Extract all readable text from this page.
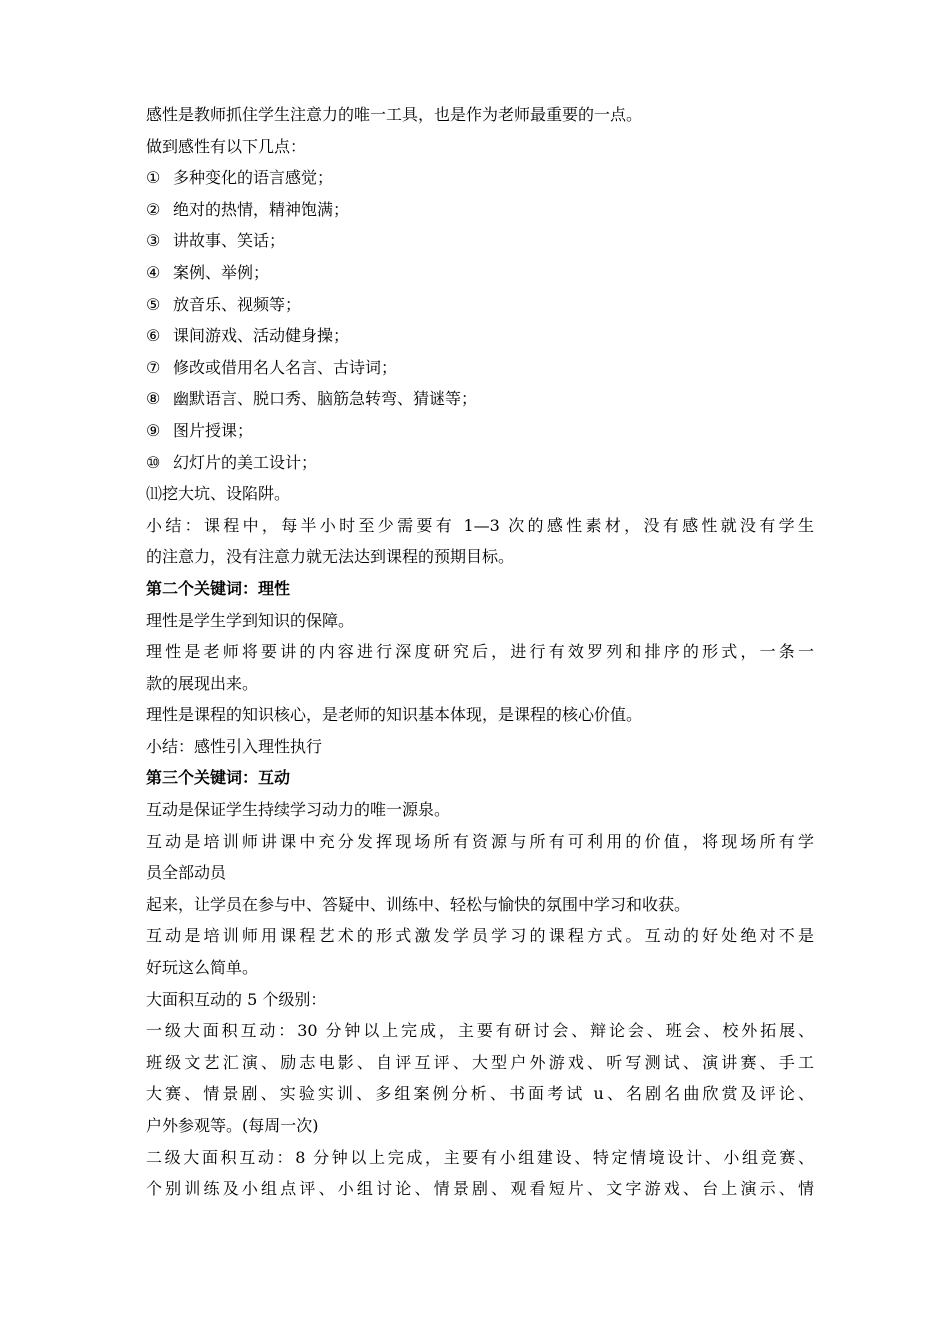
感性是教师抓住学生注意力的唯一工具，也是作为老师最重要的一点。

做到感性有以下几点：

① 多种变化的语言感觉；

② 绝对的热情，精神饱满；

③ 讲故事、笑话；

④ 案例、举例；

⑤ 放音乐、视频等；

⑥ 课间游戏、活动健身操；

⑦ 修改或借用名人名言、古诗词；

⑧ 幽默语言、脱口秀、脑筋急转弯、猜谜等；

⑨ 图片授课；

⑩ 幻灯片的美工设计；

⑾挖大坑、设陷阱。

小结：课程中，每半小时至少需要有 1—3 次的感性素材，没有感性就没有学生

的注意力，没有注意力就无法达到课程的预期目标。

第二个关键词：理性

理性是学生学到知识的保障。

理性是老师将要讲的内容进行深度研究后，进行有效罗列和排序的形式，一条一

款的展现出来。

理性是课程的知识核心，是老师的知识基本体现，是课程的核心价值。

小结：感性引入理性执行

第三个关键词：互动

互动是保证学生持续学习动力的唯一源泉。

互动是培训师讲课中充分发挥现场所有资源与所有可利用的价值，将现场所有学

员全部动员

起来，让学员在参与中、答疑中、训练中、轻松与愉快的氛围中学习和收获。

互动是培训师用课程艺术的形式激发学员学习的课程方式。互动的好处绝对不是

好玩这么简单。

大面积互动的 5 个级别：

一级大面积互动：30 分钟以上完成，主要有研讨会、辩论会、班会、校外拓展、

班级文艺汇演、励志电影、自评互评、大型户外游戏、听写测试、演讲赛、手工

大赛、情景剧、实验实训、多组案例分析、书面考试 u、名剧名曲欣赏及评论、

户外参观等。(每周一次)

二级大面积互动：8 分钟以上完成，主要有小组建设、特定情境设计、小组竞赛、

个别训练及小组点评、小组讨论、情景剧、观看短片、文字游戏、台上演示、情
